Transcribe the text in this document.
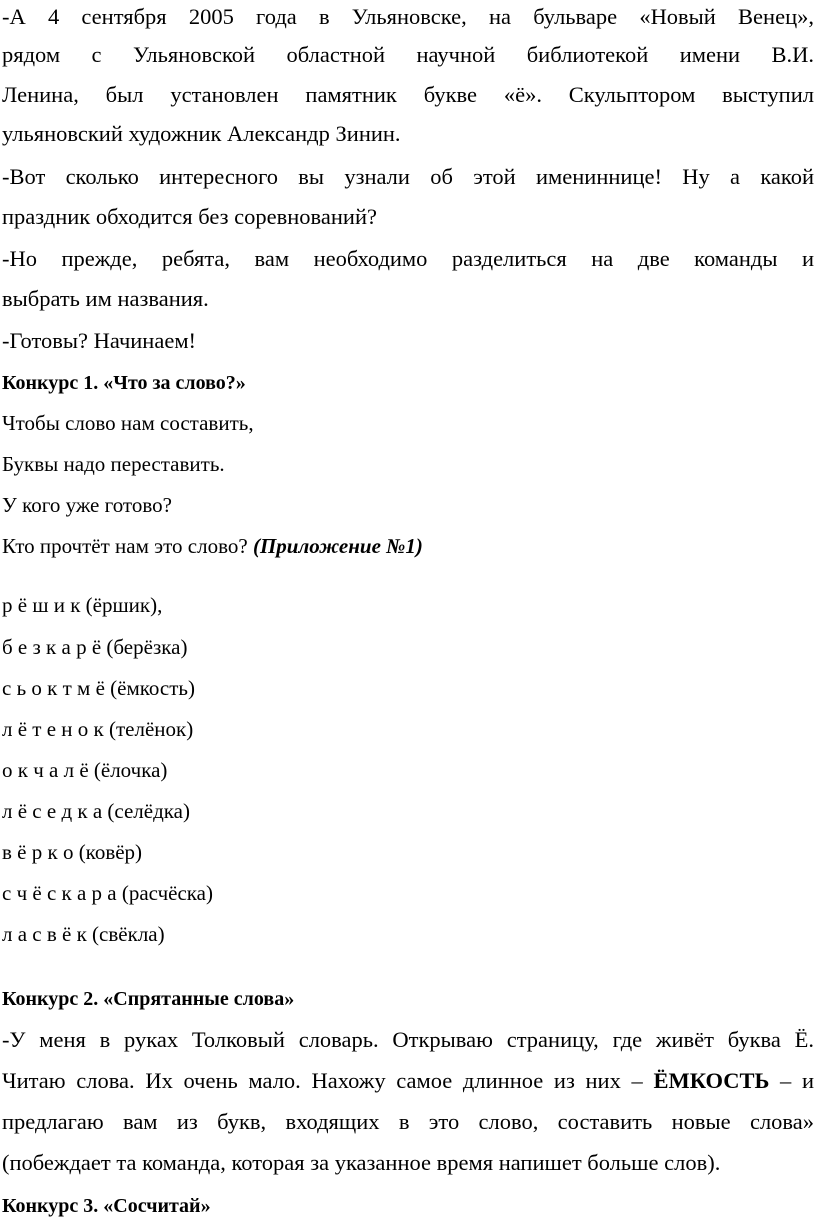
-А 4 сентября 2005 года в Ульяновске, на бульваре «Новый Венец»,
рядом с Ульяновской областной научной библиотекой имени В.И.
Ленина, был установлен памятник букве «ё». Скульптором выступил
ульяновский художник Александр Зинин.
-Вот сколько интересного вы узнали об этой имениннице! Ну а какой
праздник обходится без соревнований?
-Но прежде, ребята, вам необходимо разделиться на две команды и
выбрать им названия.
-Готовы? Начинаем!
Конкурс 1. «Что за слово?»
Чтобы слово нам составить,
Буквы надо переставить.
У кого уже готово?
Кто прочтёт нам это слово? (Приложение №1)
р ё ш и к (ёршик),
б е з к а р ё (берёзка)
с ь о к т м ё (ёмкость)
л ё т е н о к (телёнок)
о к ч а л ё (ёлочка)
л ё с е д к а (селёдка)
в ё р к о (ковёр)
с ч ё с к а р а (расчёска)
л а с в ё к (свёкла)
Конкурс 2. «Спрятанные слова»
-У меня в руках Толковый словарь. Открываю страницу, где живёт буква Ё.
Читаю слова. Их очень мало. Нахожу самое длинное из них – ЁМКОСТЬ – и
предлагаю вам из букв, входящих в это слово, составить новые слова»
(побеждает та команда, которая за указанное время напишет больше слов).
Конкурс 3. «Сосчитай»
